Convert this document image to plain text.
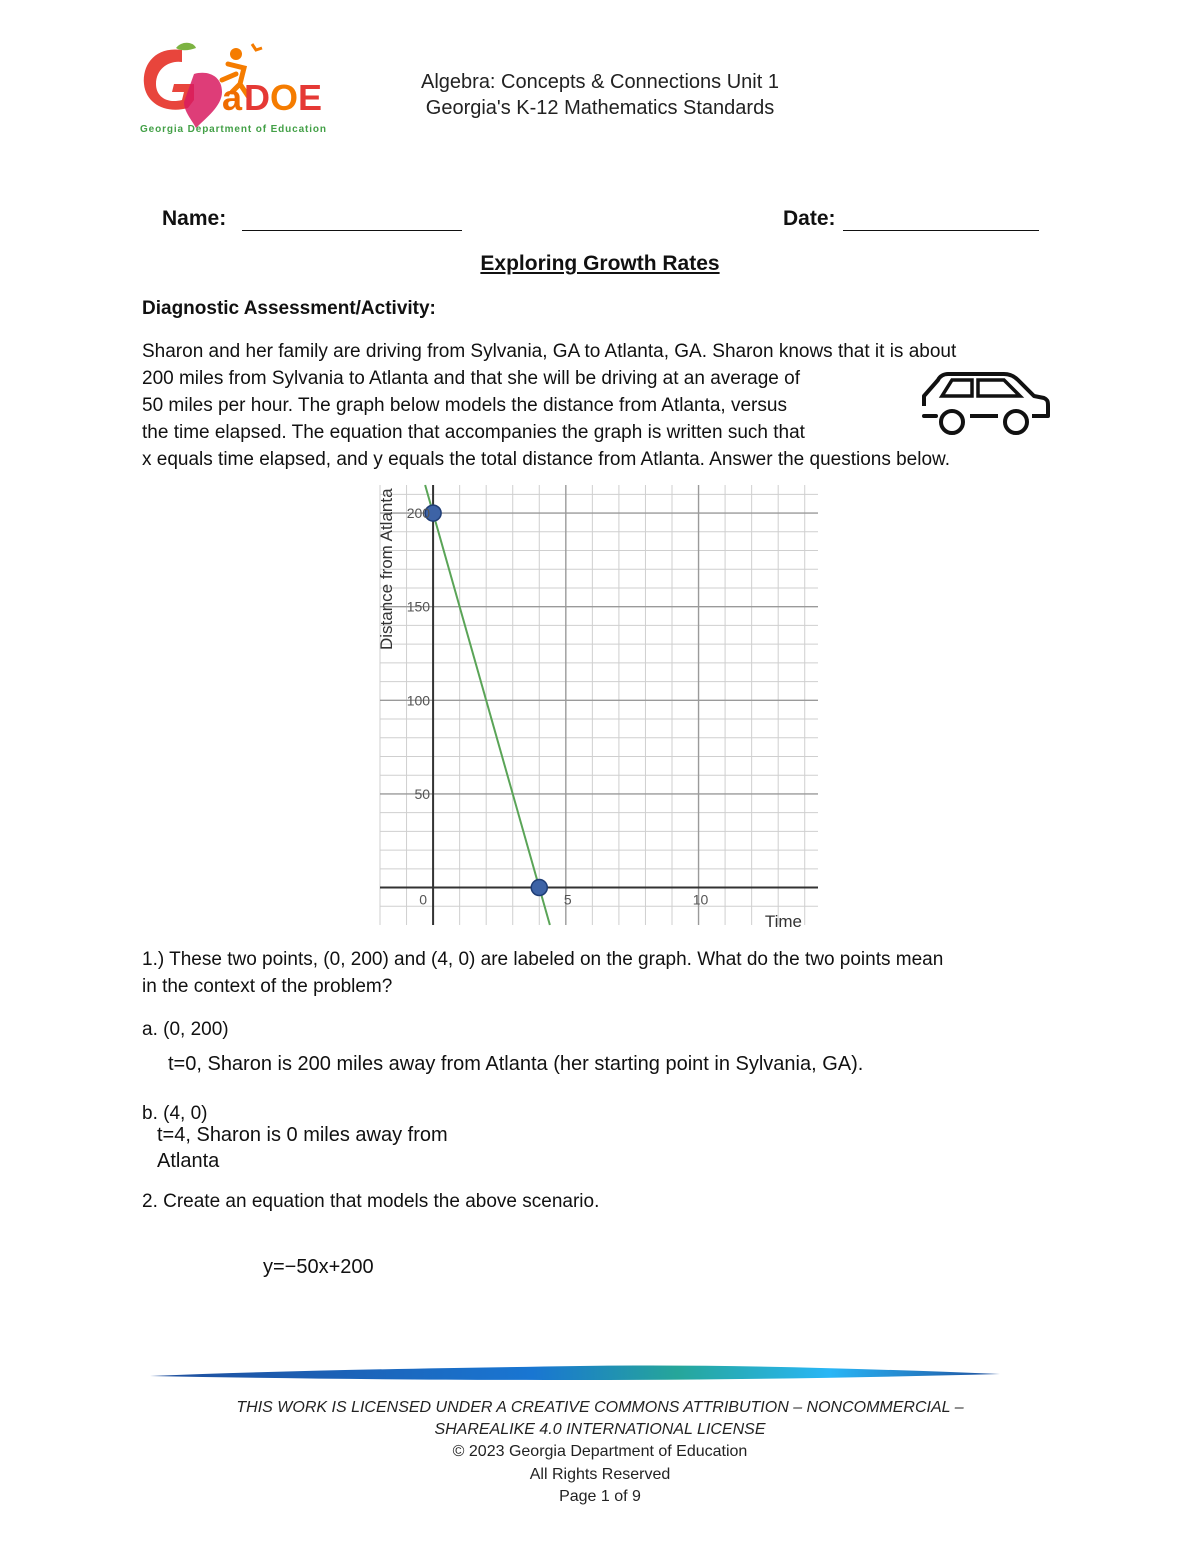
a D O E
Georgia Department of Education
Algebra: Concepts & Connections Unit 1
Georgia's K-12 Mathematics Standards
Name:	Date:
Exploring Growth Rates
Diagnostic Assessment/Activity:
Sharon and her family are driving from Sylvania, GA to Atlanta, GA. Sharon knows that it is about
200 miles from Sylvania to Atlanta and that she will be driving at an average of
50 miles per hour. The graph below models the distance from Atlanta, versus
the time elapsed. The equation that accompanies the graph is written such that
x equals time elapsed, and y equals the total distance from Atlanta. Answer the questions below.
0	5	10
50
100
150
200
Time
Distance from Atlanta
1.) These two points, (0, 200) and (4, 0) are labeled on the graph. What do the two points mean
in the context of the problem?
a. (0, 200)
t=0, Sharon is 200 miles away from Atlanta (her starting point in Sylvania, GA).
b. (4, 0)
t=4, Sharon is 0 miles away from
Atlanta
2. Create an equation that models the above scenario.
y=−50x+200
THIS WORK IS LICENSED UNDER A CREATIVE COMMONS ATTRIBUTION – NONCOMMERCIAL –
SHAREALIKE 4.0 INTERNATIONAL LICENSE
© 2023 Georgia Department of Education
All Rights Reserved
Page 1 of 9
